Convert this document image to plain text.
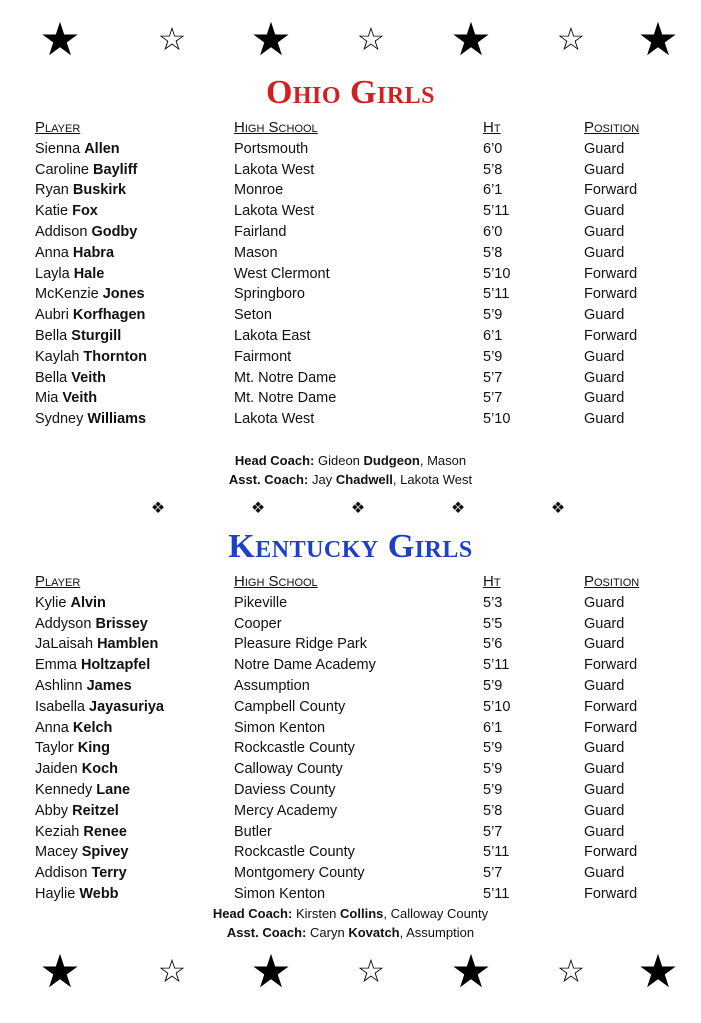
★ ☆ ★ ☆ ★ ☆ ★
Ohio Girls
Player	High School	Ht	Position
Sienna Allen	Portsmouth	6’0	Guard
Caroline Bayliff	Lakota West	5’8	Guard
Ryan Buskirk	Monroe	6’1	Forward
Katie Fox	Lakota West	5’11	Guard
Addison Godby	Fairland	6’0	Guard
Anna Habra	Mason	5’8	Guard
Layla Hale	West Clermont	5’10	Forward
McKenzie Jones	Springboro	5’11	Forward
Aubri Korfhagen	Seton	5’9	Guard
Bella Sturgill	Lakota East	6’1	Forward
Kaylah Thornton	Fairmont	5’9	Guard
Bella Veith	Mt. Notre Dame	5’7	Guard
Mia Veith	Mt. Notre Dame	5’7	Guard
Sydney Williams	Lakota West	5’10	Guard
Head Coach: Gideon Dudgeon, Mason
Asst. Coach: Jay Chadwell, Lakota West
❖	❖	❖	❖	❖
Kentucky Girls
Player	High School	Ht	Position
Kylie Alvin	Pikeville	5’3	Guard
Addyson Brissey	Cooper	5’5	Guard
JaLaisah Hamblen	Pleasure Ridge Park	5’6	Guard
Emma Holtzapfel	Notre Dame Academy	5’11	Forward
Ashlinn James	Assumption	5’9	Guard
Isabella Jayasuriya	Campbell County	5’10	Forward
Anna Kelch	Simon Kenton	6’1	Forward
Taylor King	Rockcastle County	5’9	Guard
Jaiden Koch	Calloway County	5’9	Guard
Kennedy Lane	Daviess County	5’9	Guard
Abby Reitzel	Mercy Academy	5’8	Guard
Keziah Renee	Butler	5’7	Guard
Macey Spivey	Rockcastle County	5’11	Forward
Addison Terry	Montgomery County	5’7	Guard
Haylie Webb	Simon Kenton	5’11	Forward
Head Coach: Kirsten Collins, Calloway County
Asst. Coach: Caryn Kovatch, Assumption
★ ☆ ★ ☆ ★ ☆ ★
